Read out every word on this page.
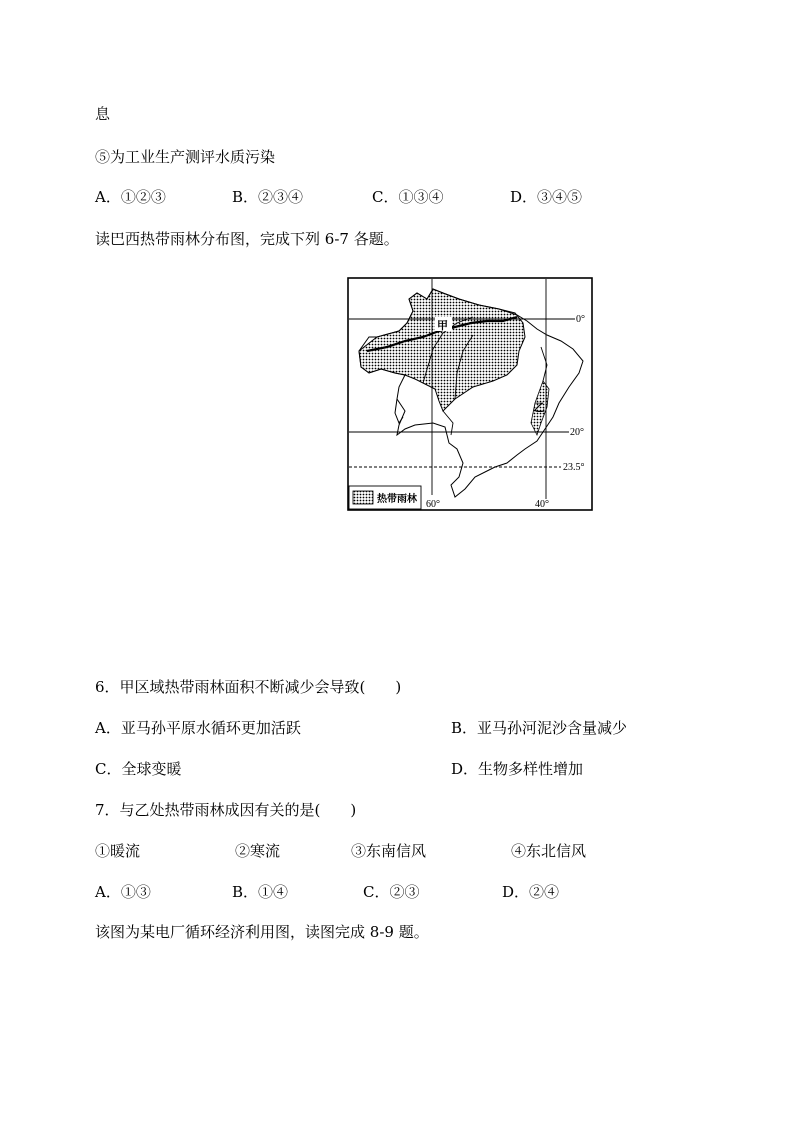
息
⑤为工业生产测评水质污染
A．①②③	B．②③④	C．①③④	D．③④⑤
读巴西热带雨林分布图，完成下列 6-7 各题。
0°
20°
23.5°
60°	40°
甲
乙
热带雨林
6．甲区域热带雨林面积不断减少会导致(　　)
A．亚马孙平原水循环更加活跃	B．亚马孙河泥沙含量减少
C．全球变暖	D．生物多样性增加
7．与乙处热带雨林成因有关的是(　　)
①暖流	②寒流	③东南信风	④东北信风
A．①③	B．①④	C．②③	D．②④
该图为某电厂循环经济利用图，读图完成 8-9 题。
